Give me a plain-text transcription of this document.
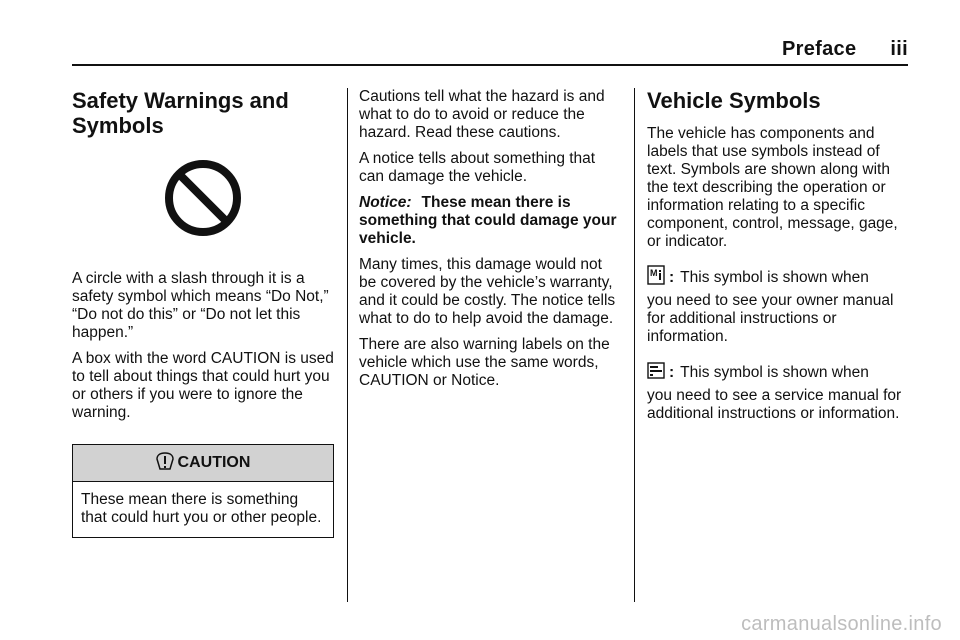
Preface iii
Safety Warnings and Symbols

A circle with a slash through it is a safety symbol which means “Do Not,” “Do not do this” or “Do not let this happen.”

A box with the word CAUTION is used to tell about things that could hurt you or others if you were to ignore the warning.

CAUTION
These mean there is something that could hurt you or other people.

Cautions tell what the hazard is and what to do to avoid or reduce the hazard. Read these cautions.

A notice tells about something that can damage the vehicle.

Notice: These mean there is something that could damage your vehicle.

Many times, this damage would not be covered by the vehicle’s warranty, and it could be costly. The notice tells what to do to help avoid the damage.

There are also warning labels on the vehicle which use the same words, CAUTION or Notice.

Vehicle Symbols

The vehicle has components and labels that use symbols instead of text. Symbols are shown along with the text describing the operation or information relating to a specific component, control, message, gage, or indicator.

M : This symbol is shown when
you need to see your owner manual for additional instructions or information.
: This symbol is shown when
you need to see a service manual for additional instructions or information.
carmanualsonline.info
